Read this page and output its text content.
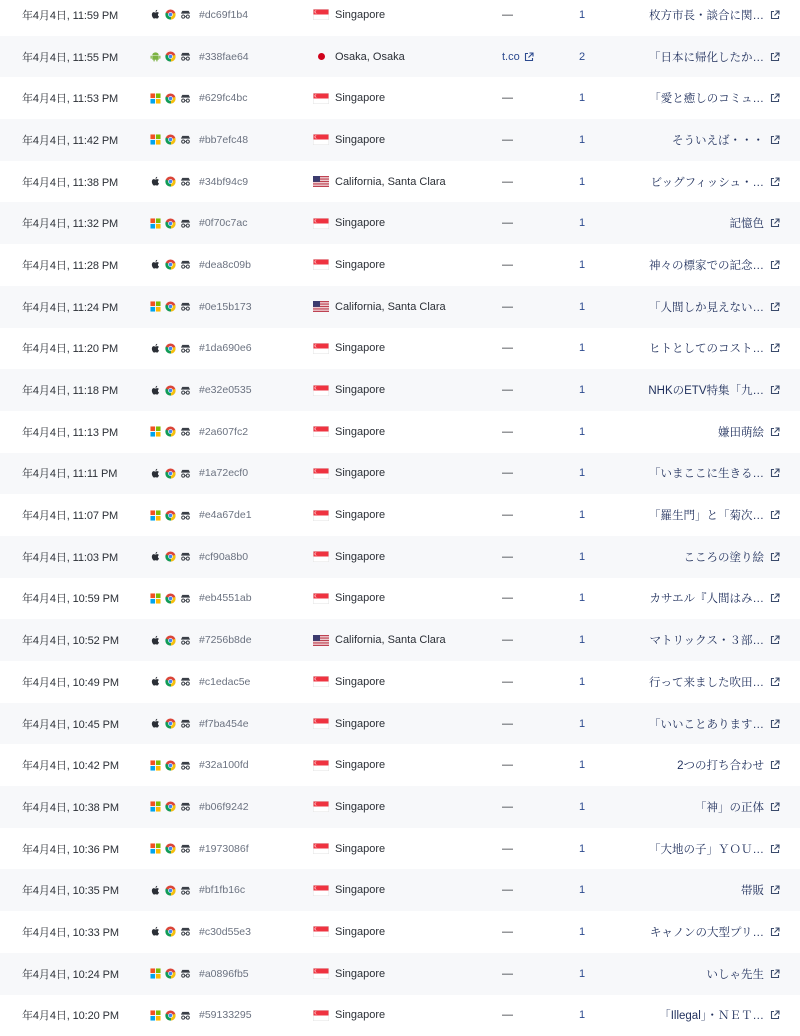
年4月4日, 11:59 PM	#dc69f1b4	Singapore	—	1	枚方市長・談合に関…
年4月4日, 11:55 PM	#338fae64	Osaka, Osaka	t.co	2	「日本に帰化したか…
年4月4日, 11:53 PM	#629fc4bc	Singapore	—	1	「愛と癒しのコミュ…
年4月4日, 11:42 PM	#bb7efc48	Singapore	—	1	そういえば・・・
年4月4日, 11:38 PM	#34bf94c9	California, Santa Clara	—	1	ビッグフィッシュ・…
年4月4日, 11:32 PM	#0f70c7ac	Singapore	—	1	記憶色
年4月4日, 11:28 PM	#dea8c09b	Singapore	—	1	神々の標家での記念…
年4月4日, 11:24 PM	#0e15b173	California, Santa Clara	—	1	「人間しか見えない…
年4月4日, 11:20 PM	#1da690e6	Singapore	—	1	ヒトとしてのコスト…
年4月4日, 11:18 PM	#e32e0535	Singapore	—	1	NHKのETV特集「九…
年4月4日, 11:13 PM	#2a607fc2	Singapore	—	1	嫌田萌絵
年4月4日, 11:11 PM	#1a72ecf0	Singapore	—	1	「いまここに生きる…
年4月4日, 11:07 PM	#e4a67de1	Singapore	—	1	「羅生門」と「菊次…
年4月4日, 11:03 PM	#cf90a8b0	Singapore	—	1	こころの塗り絵
年4月4日, 10:59 PM	#eb4551ab	Singapore	—	1	カサエル『人間はみ…
年4月4日, 10:52 PM	#7256b8de	California, Santa Clara	—	1	マトリックス・３部…
年4月4日, 10:49 PM	#c1edac5e	Singapore	—	1	行って来ました吹田…
年4月4日, 10:45 PM	#f7ba454e	Singapore	—	1	「いいことあります…
年4月4日, 10:42 PM	#32a100fd	Singapore	—	1	2つの打ち合わせ
年4月4日, 10:38 PM	#b06f9242	Singapore	—	1	「神」の正体
年4月4日, 10:36 PM	#1973086f	Singapore	—	1	「大地の子」ＹＯＵ…
年4月4日, 10:35 PM	#bf1fb16c	Singapore	—	1	帯販
年4月4日, 10:33 PM	#c30d55e3	Singapore	—	1	キャノンの大型プリ…
年4月4日, 10:24 PM	#a0896fb5	Singapore	—	1	いしゃ先生
年4月4日, 10:20 PM	#59133295	Singapore	—	1	「Illegal」・ＮＥＴ…
